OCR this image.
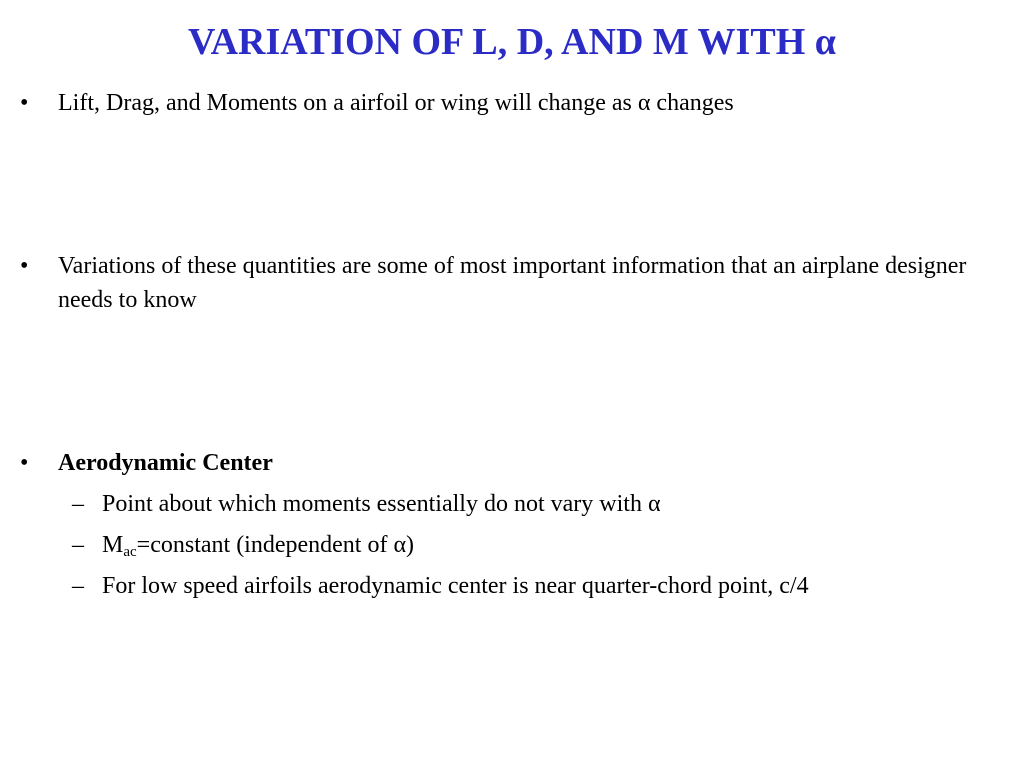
VARIATION OF L, D, AND M WITH α
• Lift, Drag, and Moments on a airfoil or wing will change as α changes
• Variations of these quantities are some of most important information that an airplane designer needs to know
• Aerodynamic Center
– Point about which moments essentially do not vary with α
– $M_{ac}=constant$ (independent of α)
– For low speed airfoils aerodynamic center is near quarter-chord point, c/4
